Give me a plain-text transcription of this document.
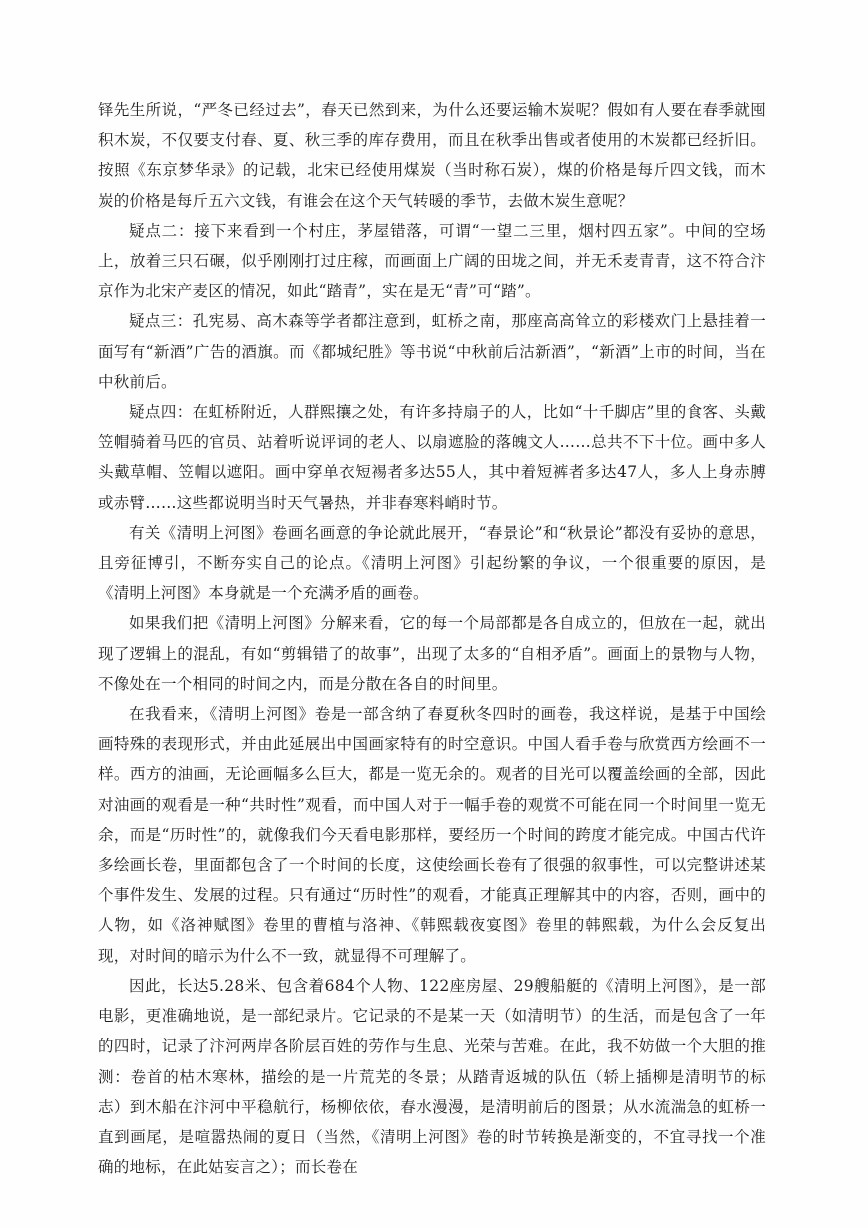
铎先生所说，“严冬已经过去”，春天已然到来，为什么还要运输木炭呢？假如有人要在春季就囤积木炭，不仅要支付春、夏、秋三季的库存费用，而且在秋季出售或者使用的木炭都已经折旧。按照《东京梦华录》的记载，北宋已经使用煤炭（当时称石炭），煤的价格是每斤四文钱，而木炭的价格是每斤五六文钱，有谁会在这个天气转暖的季节，去做木炭生意呢？

疑点二：接下来看到一个村庄，茅屋错落，可谓“一望二三里，烟村四五家”。中间的空场上，放着三只石碾，似乎刚刚打过庄稼，而画面上广阔的田垅之间，并无禾麦青青，这不符合汴京作为北宋产麦区的情况，如此“踏青”，实在是无“青”可“踏”。

疑点三：孔宪易、高木森等学者都注意到，虹桥之南，那座高高耸立的彩楼欢门上悬挂着一面写有“新酒”广告的酒旗。而《都城纪胜》等书说“中秋前后沽新酒”，“新酒”上市的时间，当在中秋前后。

疑点四：在虹桥附近，人群熙攘之处，有许多持扇子的人，比如“十千脚店”里的食客、头戴笠帽骑着马匹的官员、站着听说评词的老人、以扇遮脸的落魄文人……总共不下十位。画中多人头戴草帽、笠帽以遮阳。画中穿单衣短裼者多达55人，其中着短裤者多达47人，多人上身赤膊或赤臂……这些都说明当时天气暑热，并非春寒料峭时节。

有关《清明上河图》卷画名画意的争论就此展开，“春景论”和“秋景论”都没有妥协的意思，且旁征博引，不断夯实自己的论点。《清明上河图》引起纷繁的争议，一个很重要的原因，是《清明上河图》本身就是一个充满矛盾的画卷。

如果我们把《清明上河图》分解来看，它的每一个局部都是各自成立的，但放在一起，就出现了逻辑上的混乱，有如“剪辑错了的故事”，出现了太多的“自相矛盾”。画面上的景物与人物，不像处在一个相同的时间之内，而是分散在各自的时间里。

在我看来，《清明上河图》卷是一部含纳了春夏秋冬四时的画卷，我这样说，是基于中国绘画特殊的表现形式，并由此延展出中国画家特有的时空意识。中国人看手卷与欣赏西方绘画不一样。西方的油画，无论画幅多么巨大，都是一览无余的。观者的目光可以覆盖绘画的全部，因此对油画的观看是一种“共时性”观看，而中国人对于一幅手卷的观赏不可能在同一个时间里一览无余，而是“历时性”的，就像我们今天看电影那样，要经历一个时间的跨度才能完成。中国古代许多绘画长卷，里面都包含了一个时间的长度，这使绘画长卷有了很强的叙事性，可以完整讲述某个事件发生、发展的过程。只有通过“历时性”的观看，才能真正理解其中的内容，否则，画中的人物，如《洛神赋图》卷里的曹植与洛神、《韩熙载夜宴图》卷里的韩熙载，为什么会反复出现，对时间的暗示为什么不一致，就显得不可理解了。

因此，长达5.28米、包含着684个人物、122座房屋、29艘船艇的《清明上河图》，是一部电影，更准确地说，是一部纪录片。它记录的不是某一天（如清明节）的生活，而是包含了一年的四时，记录了汴河两岸各阶层百姓的劳作与生息、光荣与苦难。在此，我不妨做一个大胆的推测：卷首的枯木寒林，描绘的是一片荒芜的冬景；从踏青返城的队伍（轿上插柳是清明节的标志）到木船在汴河中平稳航行，杨柳依依，春水漫漫，是清明前后的图景；从水流湍急的虹桥一直到画尾，是喧嚣热闹的夏日（当然，《清明上河图》卷的时节转换是渐变的，不宜寻找一个准确的地标，在此姑妄言之）；而长卷在
